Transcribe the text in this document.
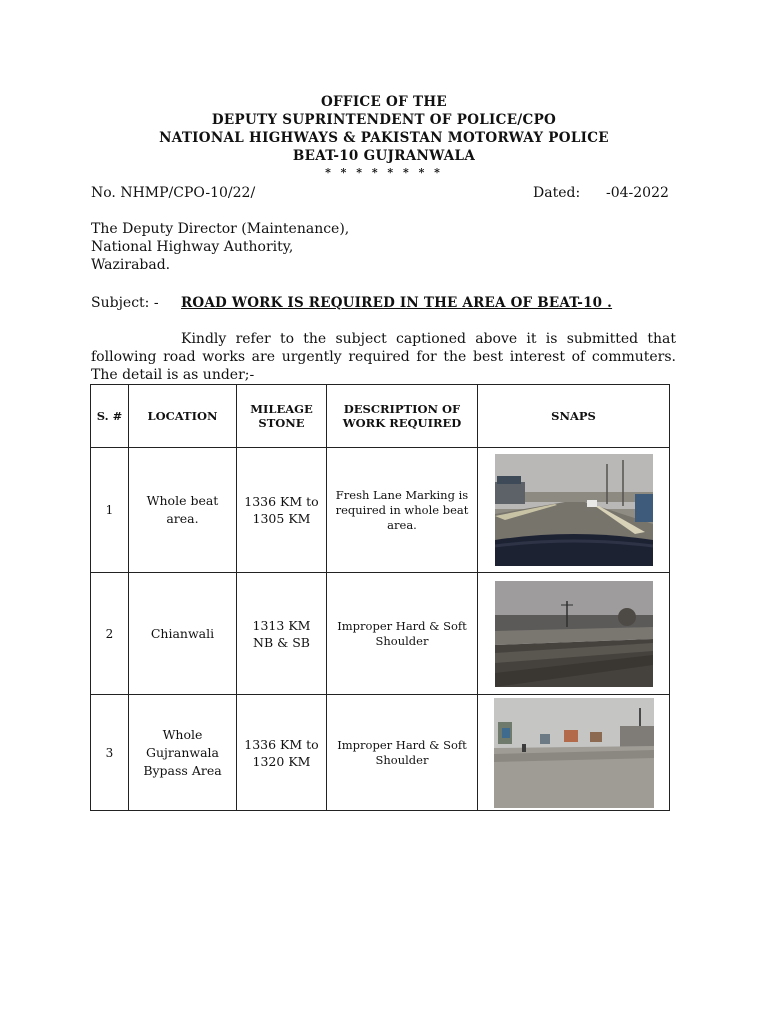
OFFICE OF THE
DEPUTY SUPRINTENDENT OF POLICE/CPO
NATIONAL HIGHWAYS & PAKISTAN MOTORWAY POLICE
BEAT-10 GUJRANWALA
* * * * * * * *
No. NHMP/CPO-10/22/	Dated: -04-2022
The Deputy Director (Maintenance),
National Highway Authority,
Wazirabad.
Subject: - ROAD WORK IS REQUIRED IN THE AREA OF BEAT-10 .
Kindly refer to the subject captioned above it is submitted that following road works are urgently required for the best interest of commuters. The detail is as under;-
S. #	LOCATION	MILEAGE STONE	DESCRIPTION OF WORK REQUIRED	SNAPS
1	Whole beat area.	1336 KM to 1305 KM	Fresh Lane Marking is required in whole beat area.	

2	Chianwali	1313 KM NB & SB	Improper Hard & Soft Shoulder	

3	Whole Gujranwala Bypass Area	1336 KM to 1320 KM	Improper Hard & Soft Shoulder	
